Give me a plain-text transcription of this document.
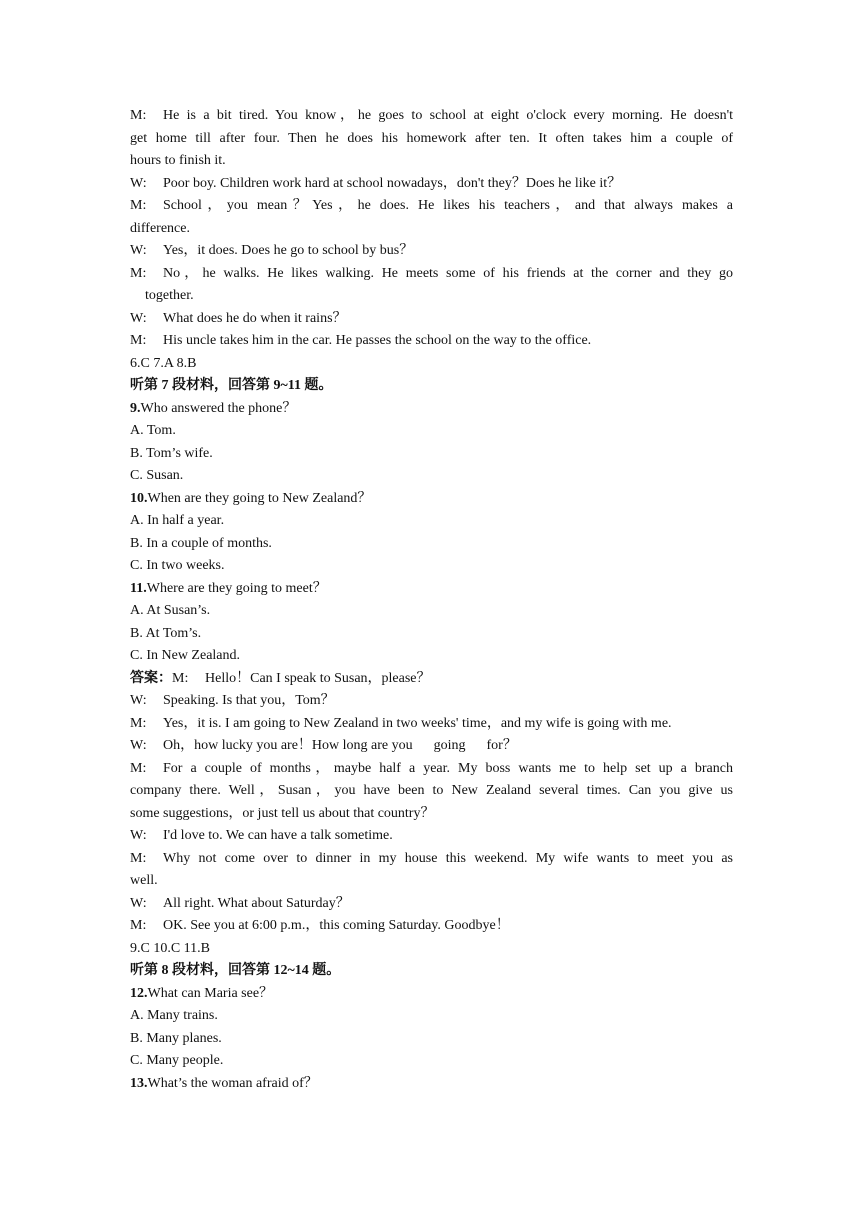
M: He is a bit tired. You know，he goes to school at eight o'clock every morning. He doesn't
get home till after four. Then he does his homework after ten. It often takes him a couple of
hours to finish it.
W: Poor boy. Children work hard at school nowadays，don't they？Does he like it？
M: School，you mean？Yes，he does. He likes his teachers，and that always makes a
difference.
W: Yes，it does. Does he go to school by bus？
M: No，he walks. He likes walking. He meets some of his friends at the corner and they go
together.
W: What does he do when it rains？
M: His uncle takes him in the car. He passes the school on the way to the office.
6.C 7.A 8.B
听第 7 段材料，回答第 9~11 题。
9.Who answered the phone？
A. Tom.
B. Tom’s wife.
C. Susan.
10.When are they going to New Zealand？
A. In half a year.
B. In a couple of months.
C. In two weeks.
11.Where are they going to meet？
A. At Susan’s.
B. At Tom’s.
C. In New Zealand.
答案：M: Hello！Can I speak to Susan，please？
W: Speaking. Is that you，Tom？
M: Yes，it is. I am going to New Zealand in two weeks' time，and my wife is going with me.
W: Oh，how lucky you are！How long are you      going      for？
M: For a couple of months，maybe half a year. My boss wants me to help set up a branch
company there. Well，Susan，you have been to New Zealand several times. Can you give us
some suggestions，or just tell us about that country？
W: I'd love to. We can have a talk sometime.
M: Why not come over to dinner in my house this weekend. My wife wants to meet you as
well.
W: All right. What about Saturday？
M: OK. See you at 6:00 p.m.，this coming Saturday. Goodbye！
9.C 10.C 11.B
听第 8 段材料，回答第 12~14 题。
12.What can Maria see？
A. Many trains.
B. Many planes.
C. Many people.
13.What’s the woman afraid of？
